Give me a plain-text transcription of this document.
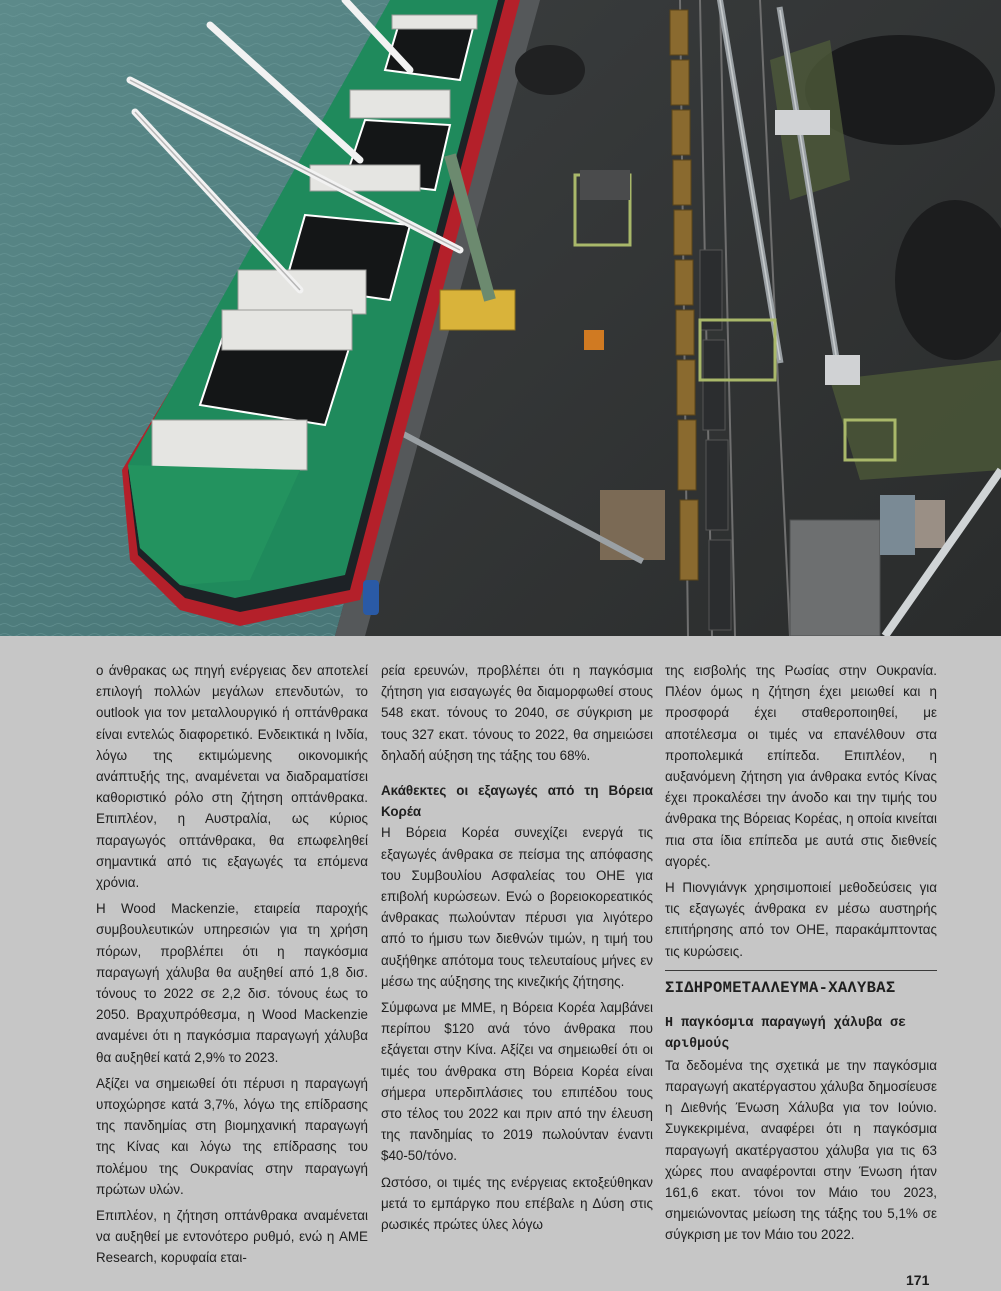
ο άνθρακας ως πηγή ενέργειας δεν αποτελεί επιλογή πολλών μεγάλων επενδυτών, το outlook για τον μεταλλουργικό ή οπτάνθρακα είναι εντελώς διαφορετικό. Ενδεικτικά η Ινδία, λόγω της εκτιμώμενης οικονομικής ανάπτυξής της, αναμένεται να διαδραματίσει καθοριστικό ρόλο στη ζήτηση οπτάνθρακα. Επιπλέον, η Αυστραλία, ως κύριος παραγωγός οπτάνθρακα, θα επωφεληθεί σημαντικά από τις εξαγωγές τα επόμενα χρόνια.

Η Wood Mackenzie, εταιρεία παροχής συμβουλευτικών υπηρεσιών για τη χρήση πόρων, προβλέπει ότι η παγκόσμια παραγωγή χάλυβα θα αυξηθεί από 1,8 δισ. τόνους το 2022 σε 2,2 δισ. τόνους έως το 2050. Βραχυπρόθεσμα, η Wood Mackenzie αναμένει ότι η παγκόσμια παραγωγή χάλυβα θα αυξηθεί κατά 2,9% το 2023.

Αξίζει να σημειωθεί ότι πέρυσι η παραγωγή υποχώρησε κατά 3,7%, λόγω της επίδρασης της πανδημίας στη βιομηχανική παραγωγή της Κίνας και λόγω της επίδρασης του πολέμου της Ουκρανίας στην παραγωγή πρώτων υλών.

Επιπλέον, η ζήτηση οπτάνθρακα αναμένεται να αυξηθεί με εντονότερο ρυθμό, ενώ η AME Research, κορυφαία εται-

ρεία ερευνών, προβλέπει ότι η παγκόσμια ζήτηση για εισαγωγές θα διαμορφωθεί στους 548 εκατ. τόνους το 2040, σε σύγκριση με τους 327 εκατ. τόνους το 2022, θα σημειώσει δηλαδή αύξηση της τάξης του 68%.

Ακάθεκτες οι εξαγωγές από τη Βόρεια Κορέα

Η Βόρεια Κορέα συνεχίζει ενεργά τις εξαγωγές άνθρακα σε πείσμα της απόφασης του Συμβουλίου Ασφαλείας του ΟΗΕ για επιβολή κυρώσεων. Ενώ ο βορειοκορεατικός άνθρακας πωλούνταν πέρυσι για λιγότερο από το ήμισυ των διεθνών τιμών, η τιμή του αυξήθηκε απότομα τους τελευταίους μήνες εν μέσω της αύξησης της κινεζικής ζήτησης.

Σύμφωνα με ΜΜΕ, η Βόρεια Κορέα λαμβάνει περίπου $120 ανά τόνο άνθρακα που εξάγεται στην Κίνα. Αξίζει να σημειωθεί ότι οι τιμές του άνθρακα στη Βόρεια Κορέα είναι σήμερα υπερδιπλάσιες του επιπέδου τους στο τέλος του 2022 και πριν από την έλευση της πανδημίας το 2019 πωλούνταν έναντι $40-50/τόνο.

Ωστόσο, οι τιμές της ενέργειας εκτοξεύθηκαν μετά το εμπάργκο που επέβαλε η Δύση στις ρωσικές πρώτες ύλες λόγω

της εισβολής της Ρωσίας στην Ουκρανία. Πλέον όμως η ζήτηση έχει μειωθεί και η προσφορά έχει σταθεροποιηθεί, με αποτέλεσμα οι τιμές να επανέλθουν στα προπολεμικά επίπεδα. Επιπλέον, η αυξανόμενη ζήτηση για άνθρακα εντός Κίνας έχει προκαλέσει την άνοδο και την τιμής του άνθρακα της Βόρειας Κορέας, η οποία κινείται πια στα ίδια επίπεδα με αυτά στις διεθνείς αγορές.

Η Πιονγιάνγκ χρησιμοποιεί μεθοδεύσεις για τις εξαγωγές άνθρακα εν μέσω αυστηρής επιτήρησης από τον ΟΗΕ, παρακάμπτοντας τις κυρώσεις.

ΣΙΔΗΡΟΜΕΤΑΛΛΕΥΜΑ-ΧΑΛΥΒΑΣ
Η παγκόσμια παραγωγή χάλυβα σε αριθμούς

Τα δεδομένα της σχετικά με την παγκόσμια παραγωγή ακατέργαστου χάλυβα δημοσίευσε η Διεθνής Ένωση Χάλυβα για τον Ιούνιο. Συγκεκριμένα, αναφέρει ότι η παγκόσμια παραγωγή ακατέργαστου χάλυβα για τις 63 χώρες που αναφέρονται στην Ένωση ήταν 161,6 εκατ. τόνοι τον Μάιο του 2023, σημειώνοντας μείωση της τάξης του 5,1% σε σύγκριση με τον Μάιο του 2022.

171
